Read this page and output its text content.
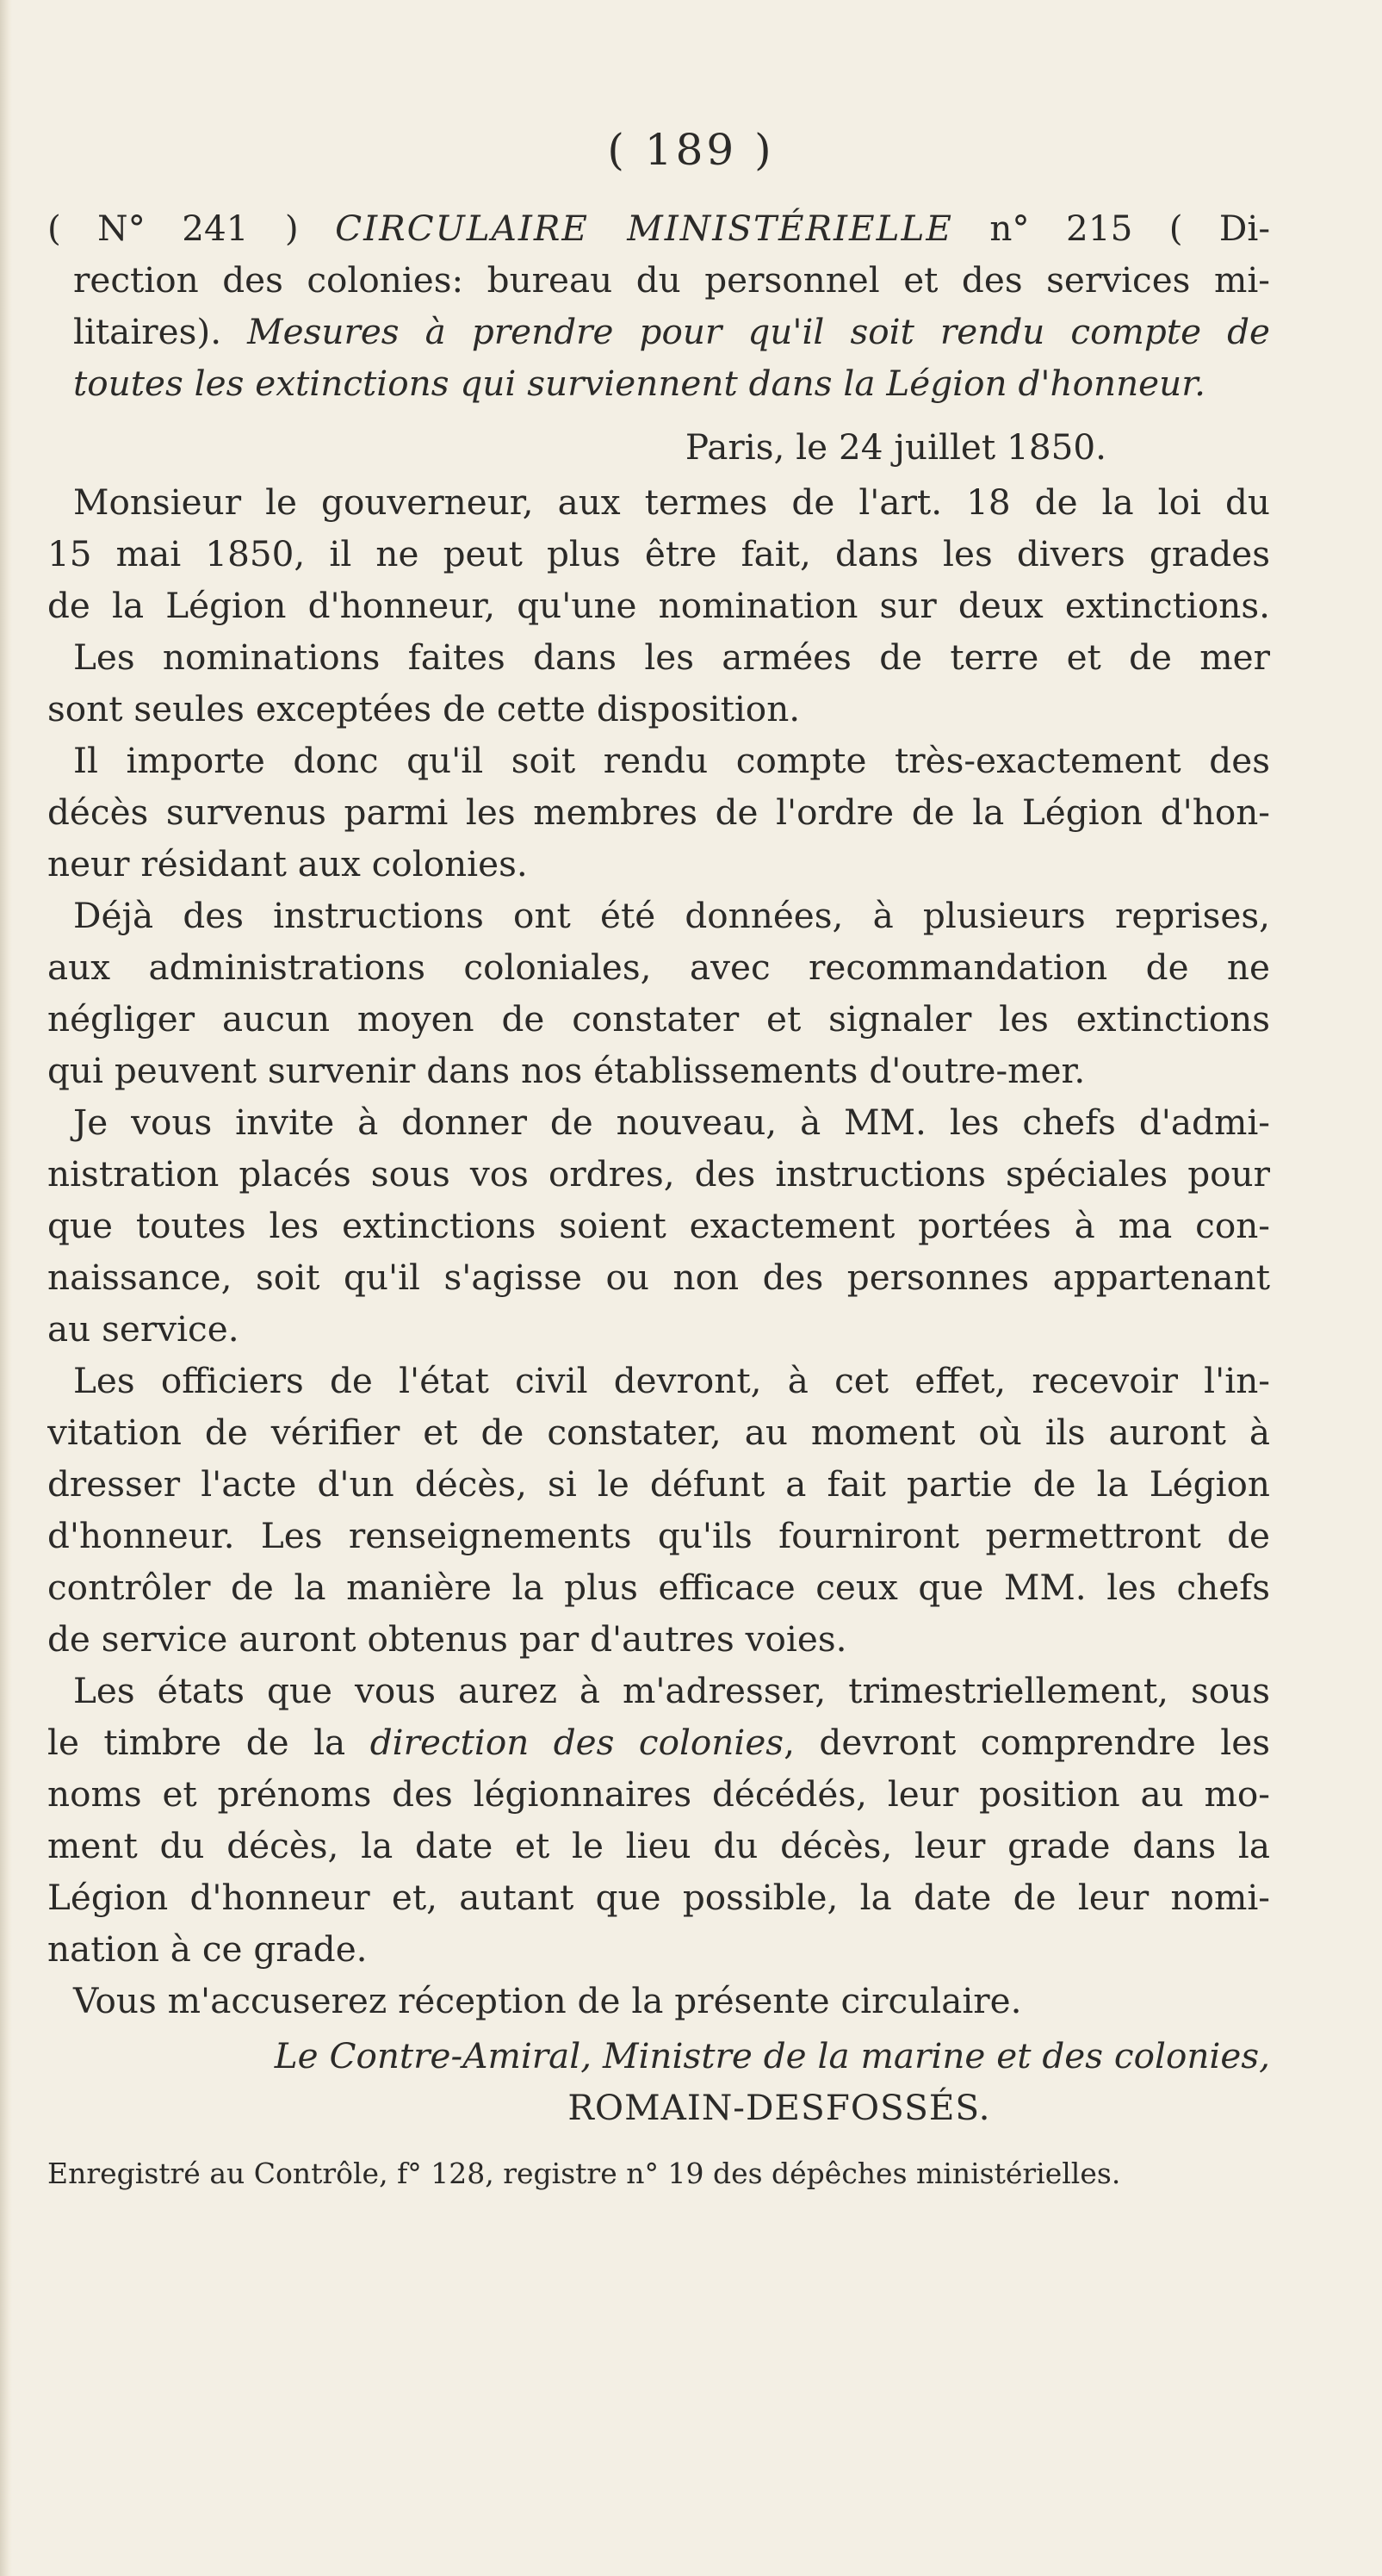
( 189 )
( N° 241 ) CIRCULAIRE MINISTÉRIELLE n° 215 ( Di-
rection des colonies: bureau du personnel et des services mi-
litaires). Mesures à prendre pour qu'il soit rendu compte de
toutes les extinctions qui surviennent dans la Légion d'honneur.
Paris, le 24 juillet 1850.
Monsieur le gouverneur, aux termes de l'art. 18 de la loi du
15 mai 1850, il ne peut plus être fait, dans les divers grades
de la Légion d'honneur, qu'une nomination sur deux extinctions.
Les nominations faites dans les armées de terre et de mer
sont seules exceptées de cette disposition.
Il importe donc qu'il soit rendu compte très-exactement des
décès survenus parmi les membres de l'ordre de la Légion d'hon-
neur résidant aux colonies.
Déjà des instructions ont été données, à plusieurs reprises,
aux administrations coloniales, avec recommandation de ne
négliger aucun moyen de constater et signaler les extinctions
qui peuvent survenir dans nos établissements d'outre-mer.
Je vous invite à donner de nouveau, à MM. les chefs d'admi-
nistration placés sous vos ordres, des instructions spéciales pour
que toutes les extinctions soient exactement portées à ma con-
naissance, soit qu'il s'agisse ou non des personnes appartenant
au service.
Les officiers de l'état civil devront, à cet effet, recevoir l'in-
vitation de vérifier et de constater, au moment où ils auront à
dresser l'acte d'un décès, si le défunt a fait partie de la Légion
d'honneur. Les renseignements qu'ils fourniront permettront de
contrôler de la manière la plus efficace ceux que MM. les chefs
de service auront obtenus par d'autres voies.
Les états que vous aurez à m'adresser, trimestriellement, sous
le timbre de la direction des colonies, devront comprendre les
noms et prénoms des légionnaires décédés, leur position au mo-
ment du décès, la date et le lieu du décès, leur grade dans la
Légion d'honneur et, autant que possible, la date de leur nomi-
nation à ce grade.
Vous m'accuserez réception de la présente circulaire.
Le Contre-Amiral, Ministre de la marine et des colonies,
ROMAIN-DESFOSSÉS.
Enregistré au Contrôle, f° 128, registre n° 19 des dépêches ministérielles.
